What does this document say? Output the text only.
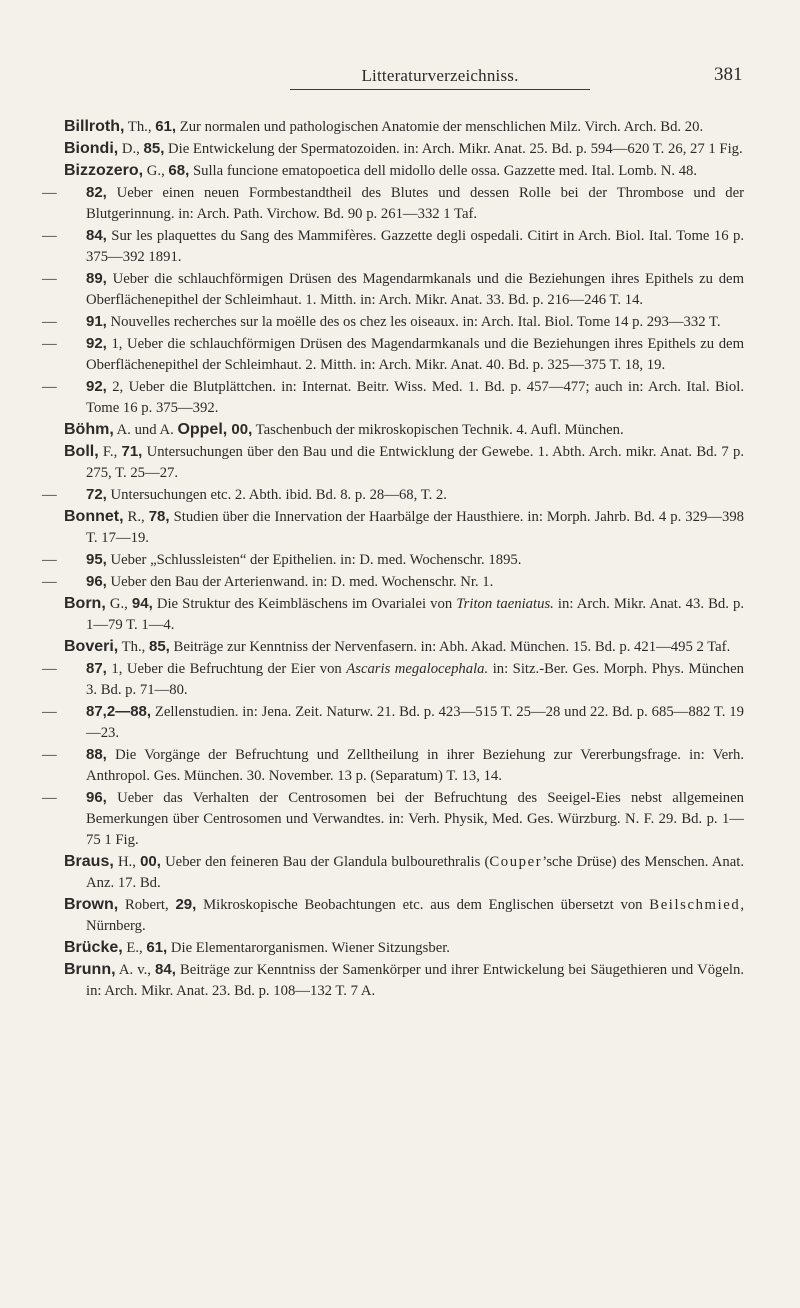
Litteraturverzeichniss.	381

Billroth, Th., 61, Zur normalen und pathologischen Anatomie der menschlichen Milz. Virch. Arch. Bd. 20.

Biondi, D., 85, Die Entwickelung der Spermatozoiden. in: Arch. Mikr. Anat. 25. Bd. p. 594—620 T. 26, 27 1 Fig.

Bizzozero, G., 68, Sulla funcione ematopoetica dell midollo delle ossa. Gazzette med. Ital. Lomb. N. 48.

— 82, Ueber einen neuen Formbestandtheil des Blutes und dessen Rolle bei der Thrombose und der Blutgerinnung. in: Arch. Path. Virchow. Bd. 90 p. 261—332 1 Taf.

— 84, Sur les plaquettes du Sang des Mammifères. Gazzette degli ospedali. Citirt in Arch. Biol. Ital. Tome 16 p. 375—392 1891.

— 89, Ueber die schlauchförmigen Drüsen des Magendarmkanals und die Beziehungen ihres Epithels zu dem Oberflächenepithel der Schleimhaut. 1. Mitth. in: Arch. Mikr. Anat. 33. Bd. p. 216—246 T. 14.

— 91, Nouvelles recherches sur la moëlle des os chez les oiseaux. in: Arch. Ital. Biol. Tome 14 p. 293—332 T.

— 92, 1, Ueber die schlauchförmigen Drüsen des Magendarmkanals und die Beziehungen ihres Epithels zu dem Oberflächenepithel der Schleimhaut. 2. Mitth. in: Arch. Mikr. Anat. 40. Bd. p. 325—375 T. 18, 19.

— 92, 2, Ueber die Blutplättchen. in: Internat. Beitr. Wiss. Med. 1. Bd. p. 457—477; auch in: Arch. Ital. Biol. Tome 16 p. 375—392.

Böhm, A. und A. Oppel, 00, Taschenbuch der mikroskopischen Technik. 4. Aufl. München.

Boll, F., 71, Untersuchungen über den Bau und die Entwicklung der Gewebe. 1. Abth. Arch. mikr. Anat. Bd. 7 p. 275, T. 25—27.

— 72, Untersuchungen etc. 2. Abth. ibid. Bd. 8. p. 28—68, T. 2.

Bonnet, R., 78, Studien über die Innervation der Haarbälge der Hausthiere. in: Morph. Jahrb. Bd. 4 p. 329—398 T. 17—19.

— 95, Ueber „Schlussleisten“ der Epithelien. in: D. med. Wochenschr. 1895.

— 96, Ueber den Bau der Arterienwand. in: D. med. Wochenschr. Nr. 1.

Born, G., 94, Die Struktur des Keimbläschens im Ovarialei von Triton taeniatus. in: Arch. Mikr. Anat. 43. Bd. p. 1—79 T. 1—4.

Boveri, Th., 85, Beiträge zur Kenntniss der Nervenfasern. in: Abh. Akad. München. 15. Bd. p. 421—495 2 Taf.

— 87, 1, Ueber die Befruchtung der Eier von Ascaris megalocephala. in: Sitz.-Ber. Ges. Morph. Phys. München 3. Bd. p. 71—80.

— 87,2—88, Zellenstudien. in: Jena. Zeit. Naturw. 21. Bd. p. 423—515 T. 25—28 und 22. Bd. p. 685—882 T. 19—23.

— 88, Die Vorgänge der Befruchtung und Zelltheilung in ihrer Beziehung zur Vererbungsfrage. in: Verh. Anthropol. Ges. München. 30. November. 13 p. (Separatum) T. 13, 14.

— 96, Ueber das Verhalten der Centrosomen bei der Befruchtung des Seeigel-Eies nebst allgemeinen Bemerkungen über Centrosomen und Verwandtes. in: Verh. Physik, Med. Ges. Würzburg. N. F. 29. Bd. p. 1—75 1 Fig.

Braus, H., 00, Ueber den feineren Bau der Glandula bulbourethralis (Couper’sche Drüse) des Menschen. Anat. Anz. 17. Bd.

Brown, Robert, 29, Mikroskopische Beobachtungen etc. aus dem Englischen übersetzt von Beilschmied, Nürnberg.

Brücke, E., 61, Die Elementarorganismen. Wiener Sitzungsber.

Brunn, A. v., 84, Beiträge zur Kenntniss der Samenkörper und ihrer Entwickelung bei Säugethieren und Vögeln. in: Arch. Mikr. Anat. 23. Bd. p. 108—132 T. 7 A.
